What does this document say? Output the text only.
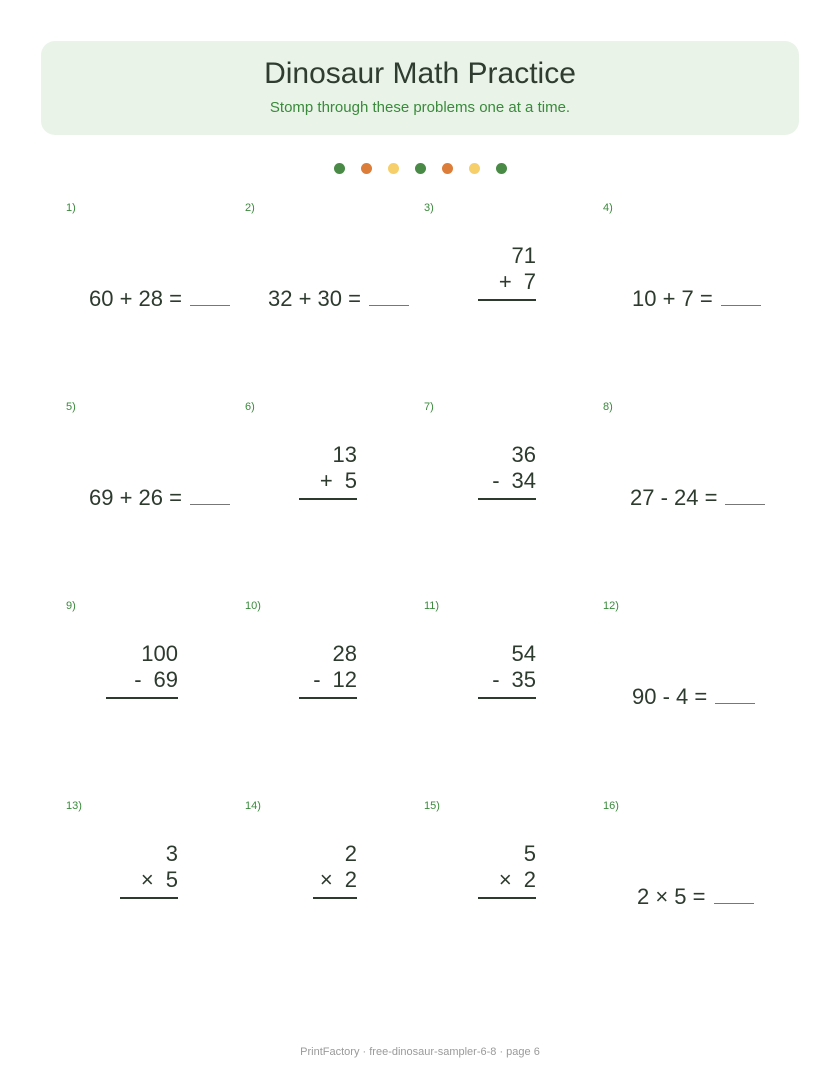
Dinosaur Math Practice
Stomp through these problems one at a time.
1)
60 + 28 =
2)
32 + 30 =
3)
71
+ 7
4)
10 + 7 =
5)
69 + 26 =
6)
13
+ 5
7)
36
- 34
8)
27 - 24 =
9)
100
- 69
10)
28
- 12
11)
54
- 35
12)
90 - 4 =
13)
3
× 5
14)
2
× 2
15)
5
× 2
16)
2 × 5 =
PrintFactory · free-dinosaur-sampler-6-8 · page 6
